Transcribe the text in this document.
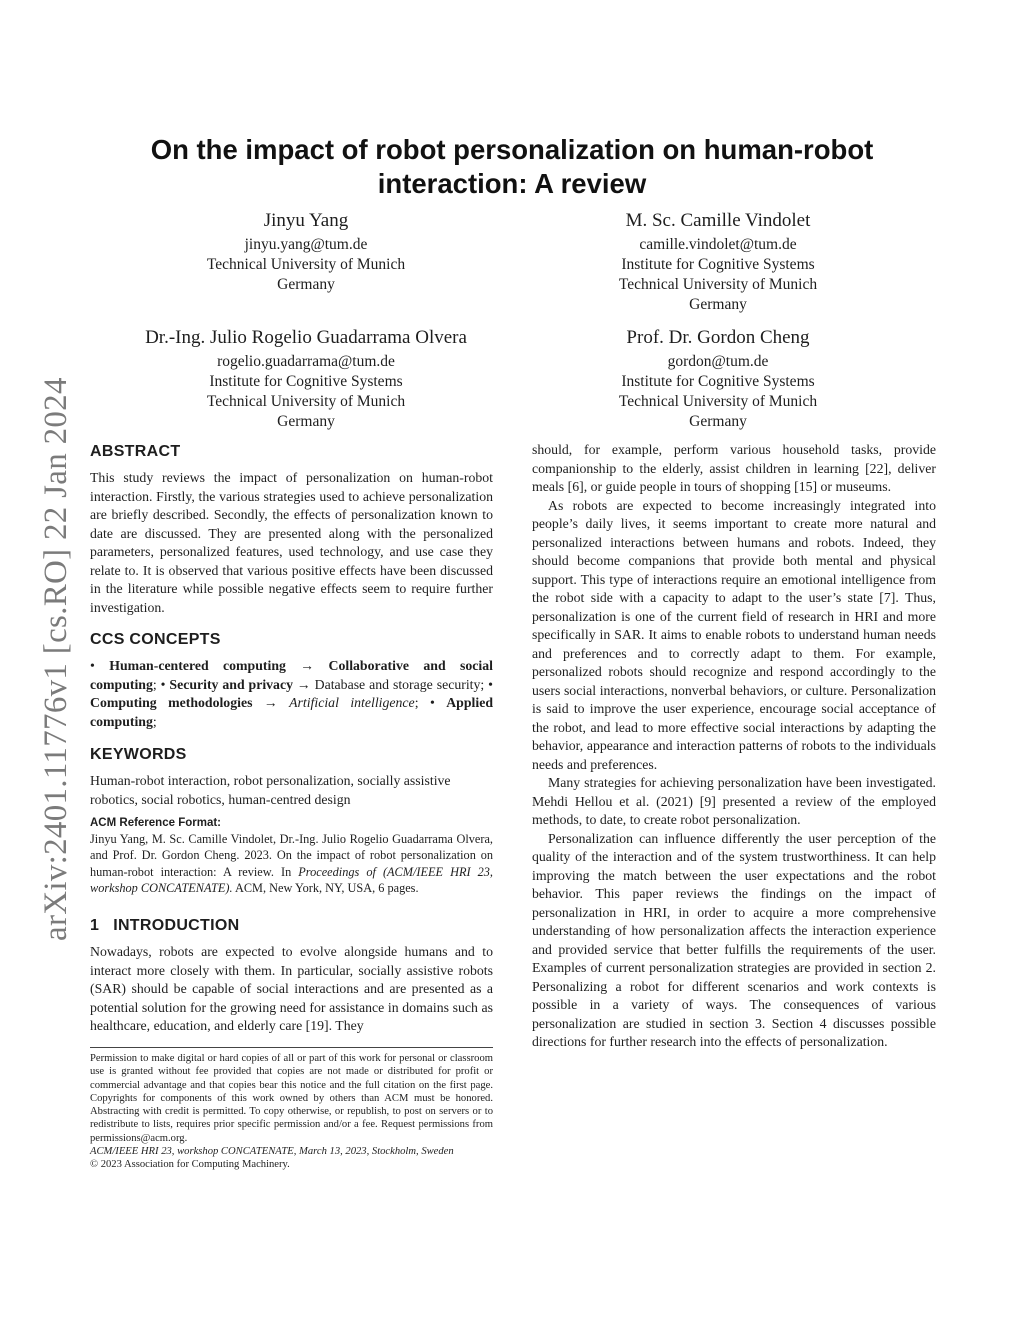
arXiv:2401.11776v1 [cs.RO] 22 Jan 2024
On the impact of robot personalization on human-robot interaction: A review
Jinyu Yang
jinyu.yang@tum.de
Technical University of Munich
Germany
M. Sc. Camille Vindolet
camille.vindolet@tum.de
Institute for Cognitive Systems
Technical University of Munich
Germany
Dr.-Ing. Julio Rogelio Guadarrama Olvera
rogelio.guadarrama@tum.de
Institute for Cognitive Systems
Technical University of Munich
Germany
Prof. Dr. Gordon Cheng
gordon@tum.de
Institute for Cognitive Systems
Technical University of Munich
Germany
ABSTRACT

This study reviews the impact of personalization on human-robot interaction. Firstly, the various strategies used to achieve personalization are briefly described. Secondly, the effects of personalization known to date are discussed. They are presented along with the personalized parameters, personalized features, used technology, and use case they relate to. It is observed that various positive effects have been discussed in the literature while possible negative effects seem to require further investigation.

CCS CONCEPTS

• Human-centered computing → Collaborative and social computing; • Security and privacy → Database and storage security; • Computing methodologies → Artificial intelligence; • Applied computing;

KEYWORDS

Human-robot interaction, robot personalization, socially assistive robotics, social robotics, human-centred design

ACM Reference Format:

Jinyu Yang, M. Sc. Camille Vindolet, Dr.-Ing. Julio Rogelio Guadarrama Olvera, and Prof. Dr. Gordon Cheng. 2023. On the impact of robot personalization on human-robot interaction: A review. In Proceedings of (ACM/IEEE HRI 23, workshop CONCATENATE). ACM, New York, NY, USA, 6 pages.

1 INTRODUCTION

Nowadays, robots are expected to evolve alongside humans and to interact more closely with them. In particular, socially assistive robots (SAR) should be capable of social interactions and are presented as a potential solution for the growing need for assistance in domains such as healthcare, education, and elderly care [19]. They

Permission to make digital or hard copies of all or part of this work for personal or classroom use is granted without fee provided that copies are not made or distributed for profit or commercial advantage and that copies bear this notice and the full citation on the first page. Copyrights for components of this work owned by others than ACM must be honored. Abstracting with credit is permitted. To copy otherwise, or republish, to post on servers or to redistribute to lists, requires prior specific permission and/or a fee. Request permissions from permissions@acm.org.

ACM/IEEE HRI 23, workshop CONCATENATE, March 13, 2023, Stockholm, Sweden

© 2023 Association for Computing Machinery.

should, for example, perform various household tasks, provide companionship to the elderly, assist children in learning [22], deliver meals [6], or guide people in tours of shopping [15] or museums.

As robots are expected to become increasingly integrated into people’s daily lives, it seems important to create more natural and personalized interactions between humans and robots. Indeed, they should become companions that provide both mental and physical support. This type of interactions require an emotional intelligence from the robot side with a capacity to adapt to the user’s state [7]. Thus, personalization is one of the current field of research in HRI and more specifically in SAR. It aims to enable robots to understand human needs and preferences and to correctly adapt to them. For example, personalized robots should recognize and respond accordingly to the users social interactions, nonverbal behaviors, or culture. Personalization is said to improve the user experience, encourage social acceptance of the robot, and lead to more effective social interactions by adapting the behavior, appearance and interaction patterns of robots to the individuals needs and preferences.

Many strategies for achieving personalization have been investigated. Mehdi Hellou et al. (2021) [9] presented a review of the employed methods, to date, to create robot personalization.

Personalization can influence differently the user perception of the quality of the interaction and of the system trustworthiness. It can help improving the match between the user expectations and the robot behavior. This paper reviews the findings on the impact of personalization in HRI, in order to acquire a more comprehensive understanding of how personalization affects the interaction experience and provided service that better fulfills the requirements of the user. Examples of current personalization strategies are provided in section 2. Personalizing a robot for different scenarios and work contexts is possible in a variety of ways. The consequences of various personalization are studied in section 3. Section 4 discusses possible directions for further research into the effects of personalization.
